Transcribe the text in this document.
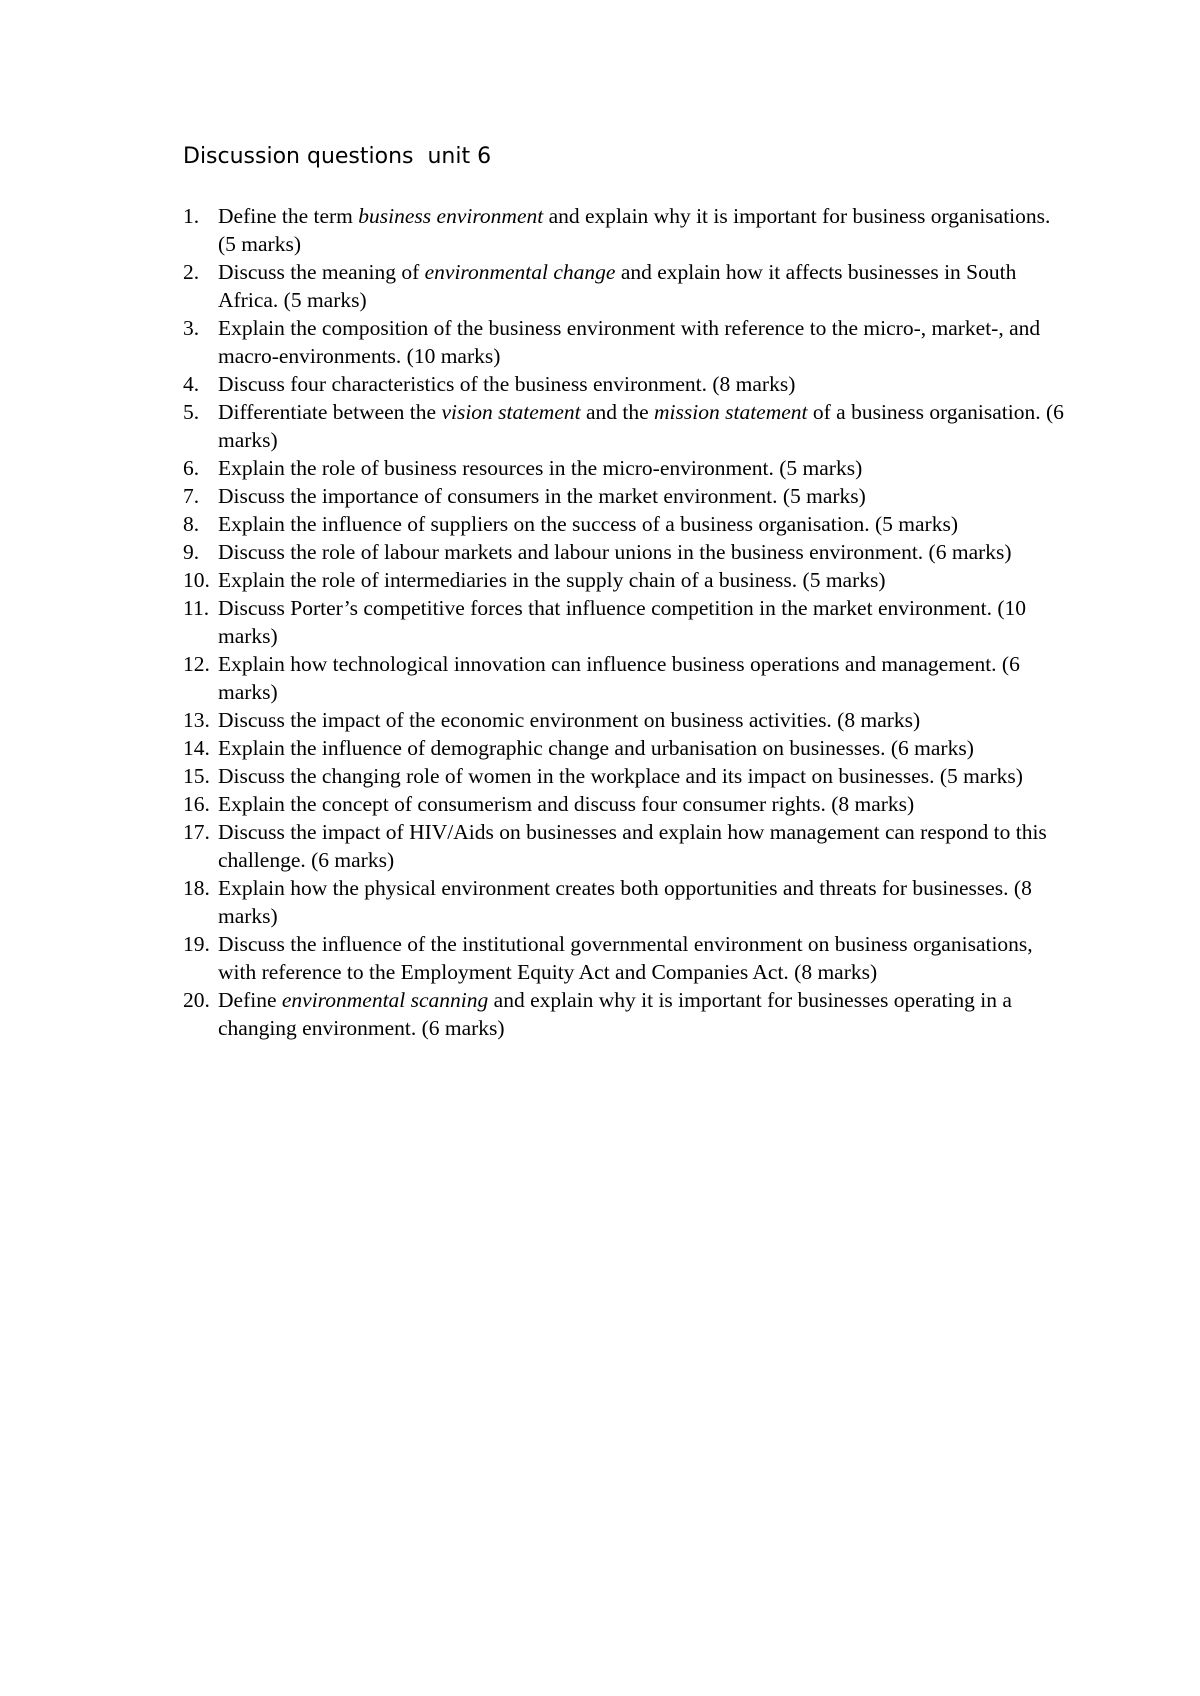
Discussion questions  unit 6
1. Define the term business environment and explain why it is important for business organisations. (5 marks)
2. Discuss the meaning of environmental change and explain how it affects businesses in South Africa. (5 marks)
3. Explain the composition of the business environment with reference to the micro-, market-, and macro-environments. (10 marks)
4. Discuss four characteristics of the business environment. (8 marks)
5. Differentiate between the vision statement and the mission statement of a business organisation. (6 marks)
6. Explain the role of business resources in the micro-environment. (5 marks)
7. Discuss the importance of consumers in the market environment. (5 marks)
8. Explain the influence of suppliers on the success of a business organisation. (5 marks)
9. Discuss the role of labour markets and labour unions in the business environment. (6 marks)
10. Explain the role of intermediaries in the supply chain of a business. (5 marks)
11. Discuss Porter’s competitive forces that influence competition in the market environment. (10 marks)
12. Explain how technological innovation can influence business operations and management. (6 marks)
13. Discuss the impact of the economic environment on business activities. (8 marks)
14. Explain the influence of demographic change and urbanisation on businesses. (6 marks)
15. Discuss the changing role of women in the workplace and its impact on businesses. (5 marks)
16. Explain the concept of consumerism and discuss four consumer rights. (8 marks)
17. Discuss the impact of HIV/Aids on businesses and explain how management can respond to this challenge. (6 marks)
18. Explain how the physical environment creates both opportunities and threats for businesses. (8 marks)
19. Discuss the influence of the institutional governmental environment on business organisations, with reference to the Employment Equity Act and Companies Act. (8 marks)
20. Define environmental scanning and explain why it is important for businesses operating in a changing environment. (6 marks)
